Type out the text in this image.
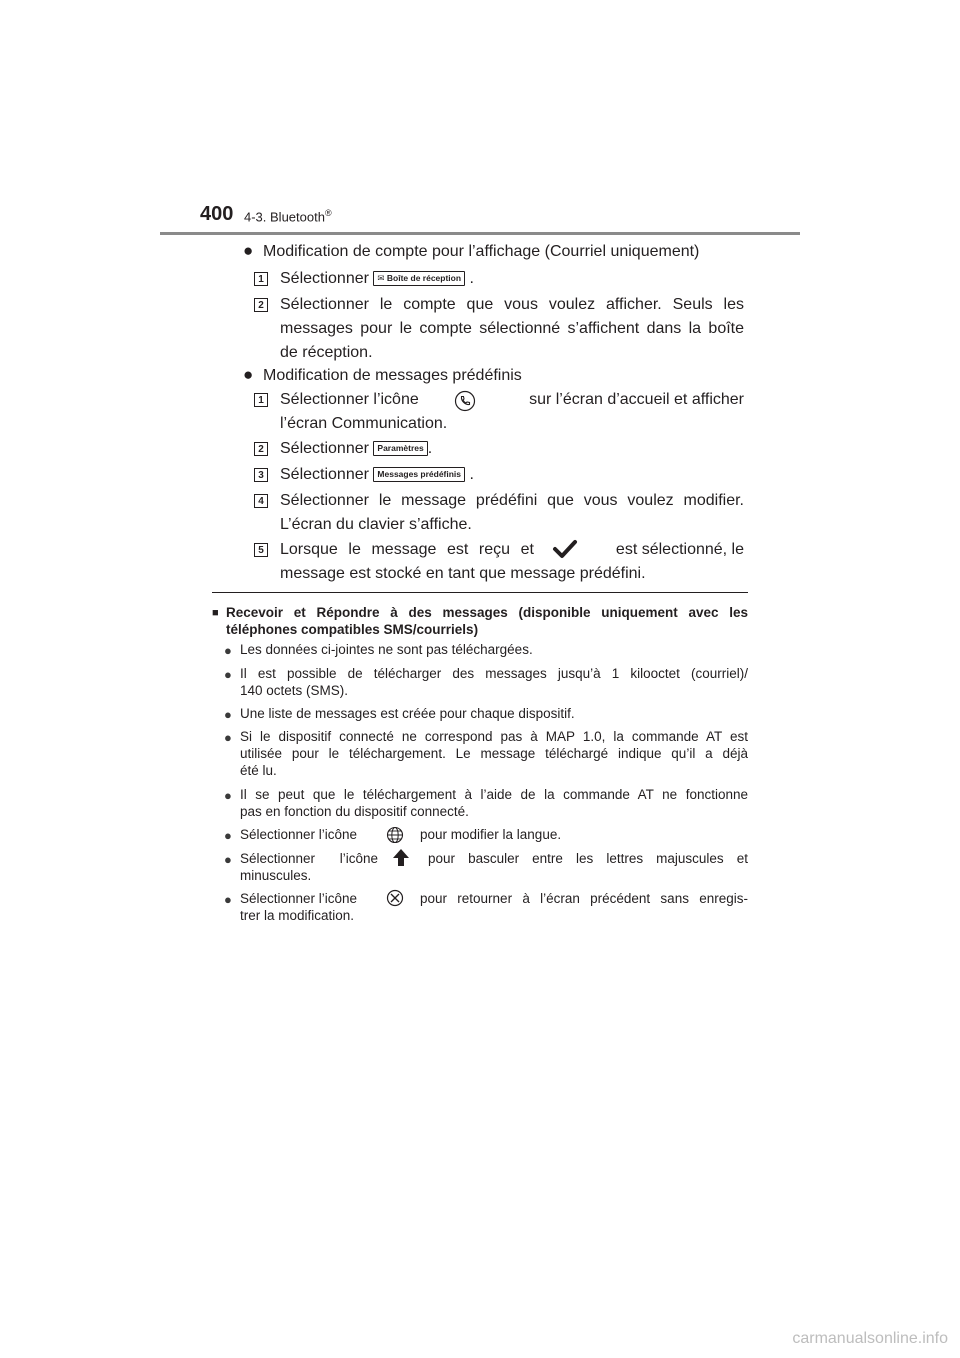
400 4-3. Bluetooth®
● Modification de compte pour l’affichage (Courriel uniquement)
1 Sélectionner ✉ Boîte de réception .
2 Sélectionner le compte que vous voulez afficher. Seuls les
messages pour le compte sélectionné s’affichent dans la boîte
de réception.
● Modification de messages prédéfinis
1 Sélectionner l’icône	sur l’écran d’accueil et afficher
l’écran Communication.
2 Sélectionner Paramètres .
3 Sélectionner Messages prédéfinis .
4 Sélectionner le message prédéfini que vous voulez modifier.
L’écran du clavier s’affiche.
5 Lorsque le message est reçu et	est sélectionné, le
message est stocké en tant que message prédéfini.
■ Recevoir et Répondre à des messages (disponible uniquement avec les
téléphones compatibles SMS/courriels)
● Les données ci-jointes ne sont pas téléchargées.
● Il est possible de télécharger des messages jusqu’à 1 kilooctet (courriel)/
140 octets (SMS).
● Une liste de messages est créée pour chaque dispositif.
● Si le dispositif connecté ne correspond pas à MAP 1.0, la commande AT est
utilisée pour le téléchargement. Le message téléchargé indique qu’il a déjà
été lu.
● Il se peut que le téléchargement à l’aide de la commande AT ne fonctionne
pas en fonction du dispositif connecté.
● Sélectionner l’icône	pour modifier la langue.
● Sélectionner l’icône	pour basculer entre les lettres majuscules et
minuscules.
● Sélectionner l’icône	pour retourner à l’écran précédent sans enregis-
trer la modification.
carmanualsonline.info
